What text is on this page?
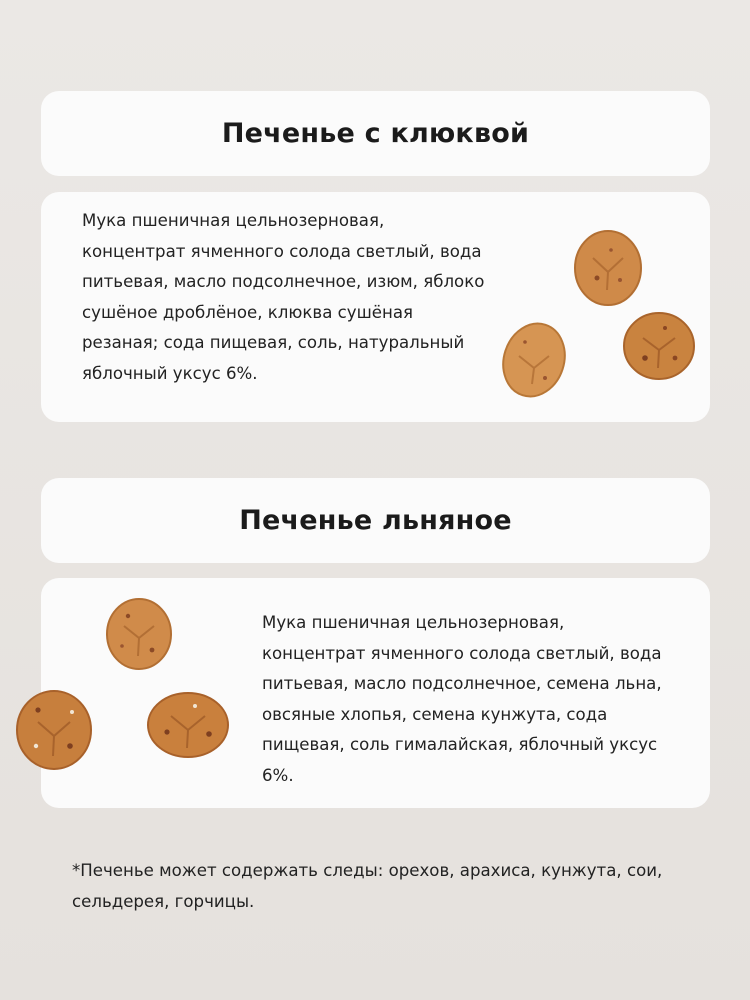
Печенье с клюквой
Мука пшеничная цельнозерновая,
концентрат ячменного солода светлый, вода
питьевая, масло подсолнечное, изюм, яблоко
сушёное дроблёное, клюква сушёная
резаная; сода пищевая, соль, натуральный
яблочный уксус 6%.
Печенье льняное
Мука пшеничная цельнозерновая,
концентрат ячменного солода светлый, вода
питьевая, масло подсолнечное, семена льна,
овсяные хлопья, семена кунжута, сода
пищевая, соль гималайская, яблочный уксус
6%.
*Печенье может содержать следы: орехов, арахиса, кунжута, сои,
сельдерея, горчицы.
